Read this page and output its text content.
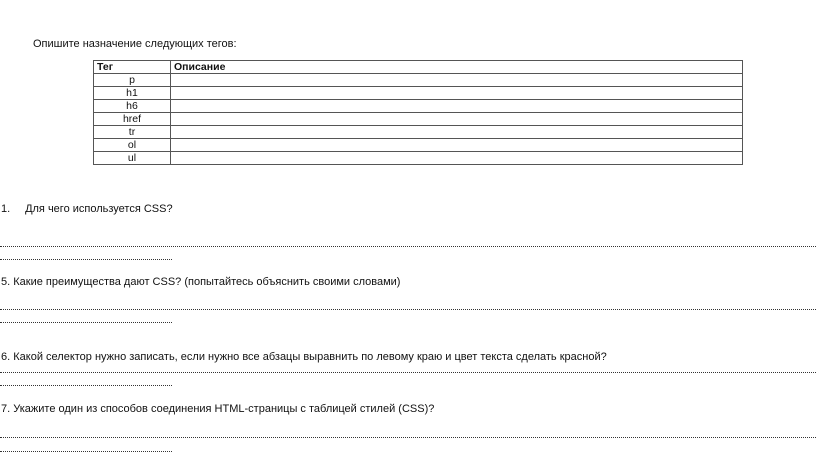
Опишите назначение следующих тегов:
Тег	Описание
p	
h1	
h6	
href	
tr	
ol	
ul	
1. Для чего используется CSS?
5. Какие преимущества дают CSS? (попытайтесь объяснить своими словами)
6. Какой селектор нужно записать, если нужно все абзацы выравнить по левому краю и цвет текста сделать красной?
7. Укажите один из способов соединения HTML-страницы с таблицей стилей (CSS)?
